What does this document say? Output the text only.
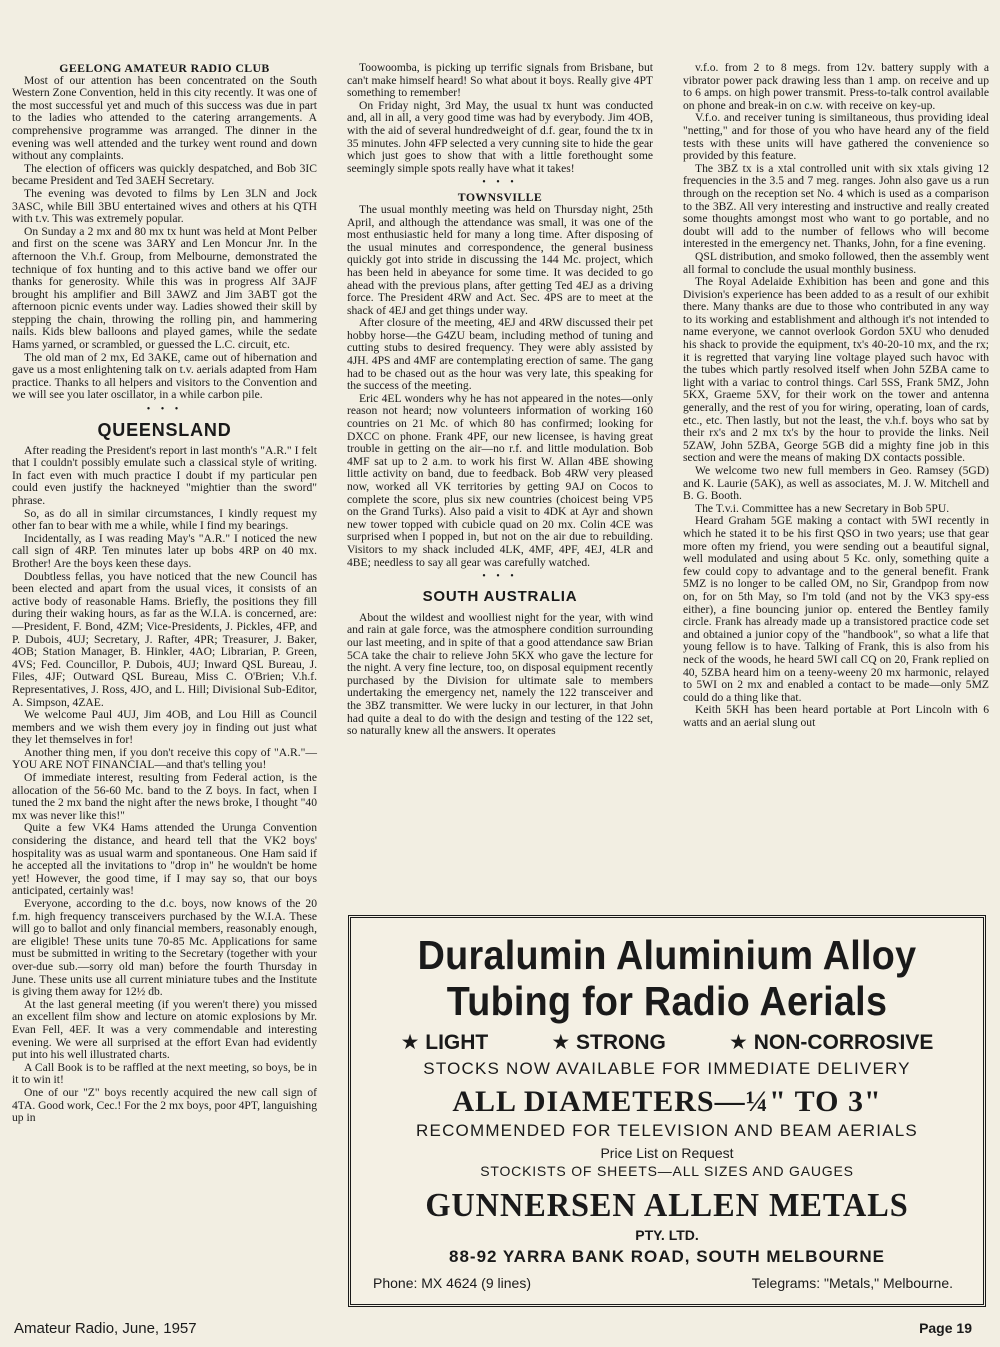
GEELONG AMATEUR RADIO CLUB

Most of our attention has been concentrated on the South Western Zone Convention, held in this city recently. It was one of the most successful yet and much of this success was due in part to the ladies who attended to the catering arrangements. A comprehensive programme was arranged. The dinner in the evening was well attended and the turkey went round and down without any complaints.

The election of officers was quickly despatched, and Bob 3IC became President and Ted 3AEH Secretary.

The evening was devoted to films by Len 3LN and Jock 3ASC, while Bill 3BU entertained wives and others at his QTH with t.v. This was extremely popular.

On Sunday a 2 mx and 80 mx tx hunt was held at Mont Pelber and first on the scene was 3ARY and Len Moncur Jnr. In the afternoon the V.h.f. Group, from Melbourne, demonstrated the technique of fox hunting and to this active band we offer our thanks for generosity. While this was in progress Alf 3AJF brought his amplifier and Bill 3AWZ and Jim 3ABT got the afternoon picnic events under way. Ladies showed their skill by stepping the chain, throwing the rolling pin, and hammering nails. Kids blew balloons and played games, while the sedate Hams yarned, or scrambled, or guessed the L.C. circuit, etc.

The old man of 2 mx, Ed 3AKE, came out of hibernation and gave us a most enlightening talk on t.v. aerials adapted from Ham practice. Thanks to all helpers and visitors to the Convention and we will see you later oscillator, in a while carbon pile.

• • •
QUEENSLAND

After reading the President's report in last month's "A.R." I felt that I couldn't possibly emulate such a classical style of writing. In fact even with much practice I doubt if my particular pen could even justify the hackneyed "mightier than the sword" phrase.

So, as do all in similar circumstances, I kindly request my other fan to bear with me a while, while I find my bearings.

Incidentally, as I was reading May's "A.R." I noticed the new call sign of 4RP. Ten minutes later up bobs 4RP on 40 mx. Brother! Are the boys keen these days.

Doubtless fellas, you have noticed that the new Council has been elected and apart from the usual vices, it consists of an active body of reasonable Hams. Briefly, the positions they fill during their waking hours, as far as the W.I.A. is concerned, are:—President, F. Bond, 4ZM; Vice-Presidents, J. Pickles, 4FP, and P. Dubois, 4UJ; Secretary, J. Rafter, 4PR; Treasurer, J. Baker, 4OB; Station Manager, B. Hinkler, 4AO; Librarian, P. Green, 4VS; Fed. Councillor, P. Dubois, 4UJ; Inward QSL Bureau, J. Files, 4JF; Outward QSL Bureau, Miss C. O'Brien; V.h.f. Representatives, J. Ross, 4JO, and L. Hill; Divisional Sub-Editor, A. Simpson, 4ZAE.

We welcome Paul 4UJ, Jim 4OB, and Lou Hill as Council members and we wish them every joy in finding out just what they let themselves in for!

Another thing men, if you don't receive this copy of "A.R."—YOU ARE NOT FINANCIAL—and that's telling you!

Of immediate interest, resulting from Federal action, is the allocation of the 56-60 Mc. band to the Z boys. In fact, when I tuned the 2 mx band the night after the news broke, I thought "40 mx was never like this!"

Quite a few VK4 Hams attended the Urunga Convention considering the distance, and heard tell that the VK2 boys' hospitality was as usual warm and spontaneous. One Ham said if he accepted all the invitations to "drop in" he wouldn't be home yet! However, the good time, if I may say so, that our boys anticipated, certainly was!

Everyone, according to the d.c. boys, now knows of the 20 f.m. high frequency transceivers purchased by the W.I.A. These will go to ballot and only financial members, reasonably enough, are eligible! These units tune 70-85 Mc. Applications for same must be submitted in writing to the Secretary (together with your over-due sub.—sorry old man) before the fourth Thursday in June. These units use all current miniature tubes and the Institute is giving them away for 12½ db.

At the last general meeting (if you weren't there) you missed an excellent film show and lecture on atomic explosions by Mr. Evan Fell, 4EF. It was a very commendable and interesting evening. We were all surprised at the effort Evan had evidently put into his well illustrated charts.

A Call Book is to be raffled at the next meeting, so boys, be in it to win it!

One of our "Z" boys recently acquired the new call sign of 4TA. Good work, Cec.! For the 2 mx boys, poor 4PT, languishing up in

Toowoomba, is picking up terrific signals from Brisbane, but can't make himself heard! So what about it boys. Really give 4PT something to remember!

On Friday night, 3rd May, the usual tx hunt was conducted and, all in all, a very good time was had by everybody. Jim 4OB, with the aid of several hundredweight of d.f. gear, found the tx in 35 minutes. John 4FP selected a very cunning site to hide the gear which just goes to show that with a little forethought some seemingly simple spots really have what it takes!

• • •

TOWNSVILLE

The usual monthly meeting was held on Thursday night, 25th April, and although the attendance was small, it was one of the most enthusiastic held for many a long time. After disposing of the usual minutes and correspondence, the general business quickly got into stride in discussing the 144 Mc. project, which has been held in abeyance for some time. It was decided to go ahead with the previous plans, after getting Ted 4EJ as a driving force. The President 4RW and Act. Sec. 4PS are to meet at the shack of 4EJ and get things under way.

After closure of the meeting, 4EJ and 4RW discussed their pet hobby horse—the G4ZU beam, including method of tuning and cutting stubs to desired frequency. They were ably assisted by 4JH. 4PS and 4MF are contemplating erection of same. The gang had to be chased out as the hour was very late, this speaking for the success of the meeting.

Eric 4EL wonders why he has not appeared in the notes—only reason not heard; now volunteers information of working 160 countries on 21 Mc. of which 80 has confirmed; looking for DXCC on phone. Frank 4PF, our new licensee, is having great trouble in getting on the air—no r.f. and little modulation. Bob 4MF sat up to 2 a.m. to work his first W. Allan 4BE showing little activity on band, due to feedback. Bob 4RW very pleased now, worked all VK territories by getting 9AJ on Cocos to complete the score, plus six new countries (choicest being VP5 on the Grand Turks). Also paid a visit to 4DK at Ayr and shown new tower topped with cubicle quad on 20 mx. Colin 4CE was surprised when I popped in, but not on the air due to rebuilding. Visitors to my shack included 4LK, 4MF, 4PF, 4EJ, 4LR and 4BE; needless to say all gear was carefully watched.

• • •
SOUTH AUSTRALIA

About the wildest and woolliest night for the year, with wind and rain at gale force, was the atmosphere condition surrounding our last meeting, and in spite of that a good attendance saw Brian 5CA take the chair to relieve John 5KX who gave the lecture for the night. A very fine lecture, too, on disposal equipment recently purchased by the Division for ultimate sale to members undertaking the emergency net, namely the 122 transceiver and the 3BZ transmitter. We were lucky in our lecturer, in that John had quite a deal to do with the design and testing of the 122 set, so naturally knew all the answers. It operates

v.f.o. from 2 to 8 megs. from 12v. battery supply with a vibrator power pack drawing less than 1 amp. on receive and up to 6 amps. on high power transmit. Press-to-talk control available on phone and break-in on c.w. with receive on key-up.

V.f.o. and receiver tuning is similtaneous, thus providing ideal "netting," and for those of you who have heard any of the field tests with these units will have gathered the convenience so provided by this feature.

The 3BZ tx is a xtal controlled unit with six xtals giving 12 frequencies in the 3.5 and 7 meg. ranges. John also gave us a run through on the reception set No. 4 which is used as a comparison to the 3BZ. All very interesting and instructive and really created some thoughts amongst most who want to go portable, and no doubt will add to the number of fellows who will become interested in the emergency net. Thanks, John, for a fine evening.

QSL distribution, and smoko followed, then the assembly went all formal to conclude the usual monthly business.

The Royal Adelaide Exhibition has been and gone and this Division's experience has been added to as a result of our exhibit there. Many thanks are due to those who contributed in any way to its working and establishment and although it's not intended to name everyone, we cannot overlook Gordon 5XU who denuded his shack to provide the equipment, tx's 40-20-10 mx, and the rx; it is regretted that varying line voltage played such havoc with the tubes which partly resolved itself when John 5ZBA came to light with a variac to control things. Carl 5SS, Frank 5MZ, John 5KX, Graeme 5XV, for their work on the tower and antenna generally, and the rest of you for wiring, operating, loan of cards, etc., etc. Then lastly, but not the least, the v.h.f. boys who sat by their rx's and 2 mx tx's by the hour to provide the links. Neil 5ZAW, John 5ZBA, George 5GB did a mighty fine job in this section and were the means of making DX contacts possible.

We welcome two new full members in Geo. Ramsey (5GD) and K. Laurie (5AK), as well as associates, M. J. W. Mitchell and B. G. Booth.

The T.v.i. Committee has a new Secretary in Bob 5PU.

Heard Graham 5GE making a contact with 5WI recently in which he stated it to be his first QSO in two years; use that gear more often my friend, you were sending out a beautiful signal, well modulated and using about 5 Kc. only, something quite a few could copy to advantage and to the general benefit. Frank 5MZ is no longer to be called OM, no Sir, Grandpop from now on, for on 5th May, so I'm told (and not by the VK3 spy-ess either), a fine bouncing junior op. entered the Bentley family circle. Frank has already made up a transistored practice code set and obtained a junior copy of the "handbook", so what a life that young fellow is to have. Talking of Frank, this is also from his neck of the woods, he heard 5WI call CQ on 20, Frank replied on 40, 5ZBA heard him on a teeny-weeny 20 mx harmonic, relayed to 5WI on 2 mx and enabled a contact to be made—only 5MZ could do a thing like that.

Keith 5KH has been heard portable at Port Lincoln with 6 watts and an aerial slung out

Duralumin Aluminium Alloy
Tubing for Radio Aerials
★ LIGHT	★ STRONG	★ NON-CORROSIVE
STOCKS NOW AVAILABLE FOR IMMEDIATE DELIVERY
ALL DIAMETERS—¼" TO 3"
RECOMMENDED FOR TELEVISION AND BEAM AERIALS
Price List on Request
STOCKISTS OF SHEETS—ALL SIZES AND GAUGES
GUNNERSEN ALLEN METALS
PTY. LTD.
88-92 YARRA BANK ROAD, SOUTH MELBOURNE
Phone: MX 4624 (9 lines)	Telegrams: "Metals," Melbourne.
Amateur Radio, June, 1957	Page 19
